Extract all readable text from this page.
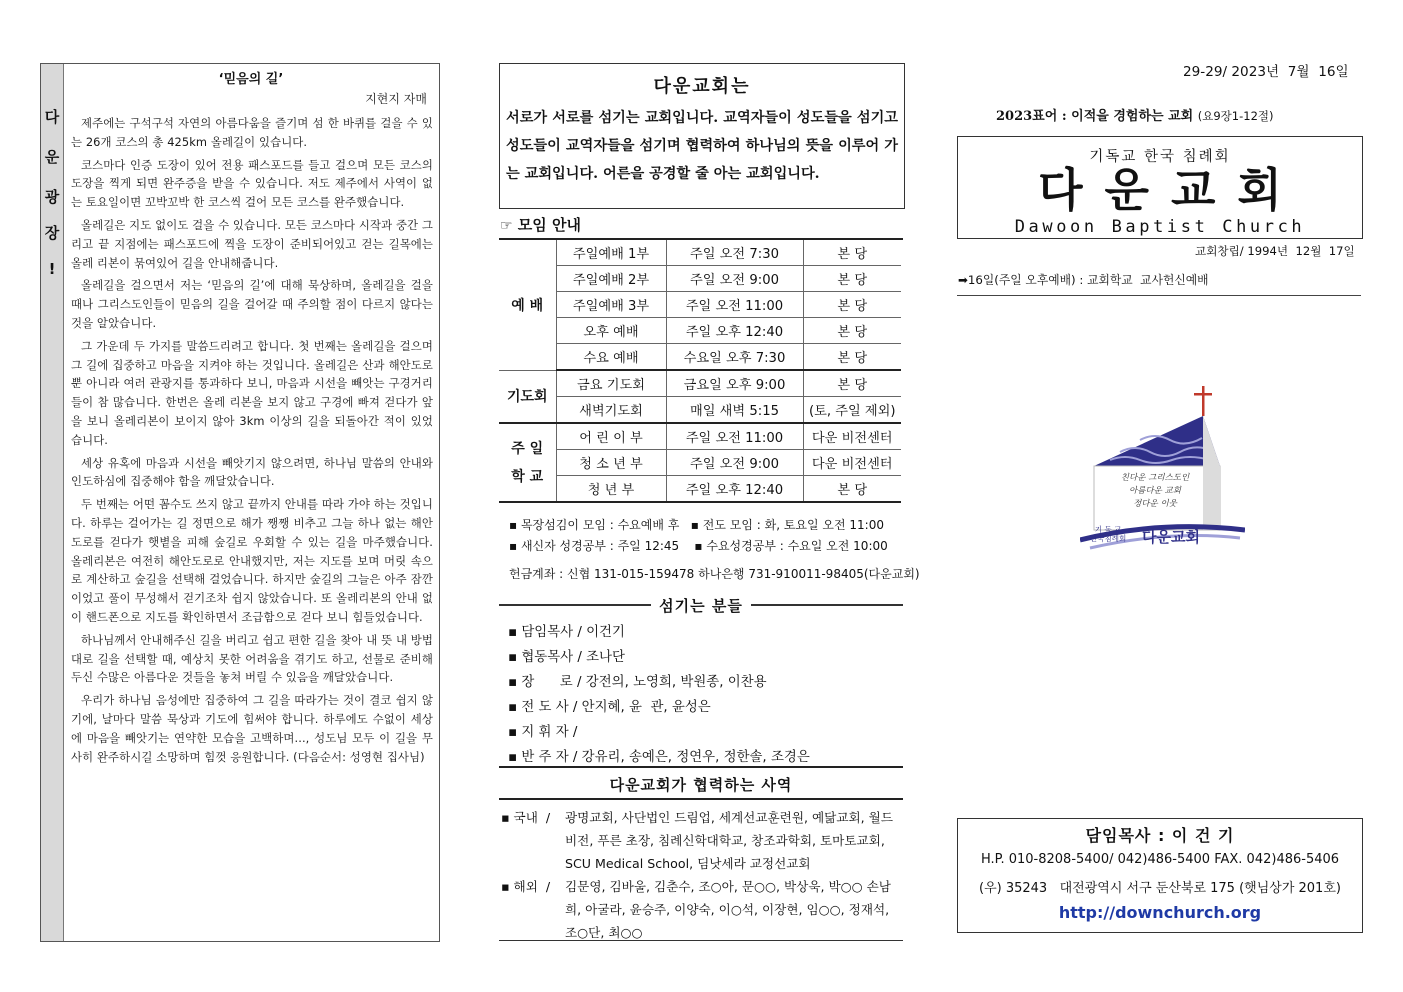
다
운
광
장
!
‘믿음의 길’
지현지 자매

제주에는 구석구석 자연의 아름다움을 즐기며 섬 한 바퀴를 걸을 수 있는 26개 코스의 총 425km 올레길이 있습니다.

코스마다 인증 도장이 있어 전용 패스포드를 들고 걸으며 모든 코스의 도장을 찍게 되면 완주증을 받을 수 있습니다. 저도 제주에서 사역이 없는 토요일이면 꼬박꼬박 한 코스씩 걸어 모든 코스를 완주했습니다.

올레길은 지도 없이도 걸을 수 있습니다. 모든 코스마다 시작과 중간 그리고 끝 지점에는 패스포드에 찍을 도장이 준비되어있고 걷는 길목에는 올레 리본이 묶여있어 길을 안내해줍니다.

올레길을 걸으면서 저는 ‘믿음의 길’에 대해 묵상하며, 올레길을 걸을 때나 그리스도인들이 믿음의 길을 걸어갈 때 주의할 점이 다르지 않다는 것을 알았습니다.

그 가운데 두 가지를 말씀드리려고 합니다. 첫 번째는 올레길을 걸으며 그 길에 집중하고 마음을 지켜야 하는 것입니다. 올레길은 산과 해안도로뿐 아니라 여러 관광지를 통과하다 보니, 마음과 시선을 빼앗는 구경거리들이 참 많습니다. 한번은 올레 리본을 보지 않고 구경에 빠져 걷다가 앞을 보니 올레리본이 보이지 않아 3km 이상의 길을 되돌아간 적이 있었습니다.

세상 유혹에 마음과 시선을 빼앗기지 않으려면, 하나님 말씀의 안내와 인도하심에 집중해야 함을 깨달았습니다.

두 번째는 어떤 꼼수도 쓰지 않고 끝까지 안내를 따라 가야 하는 것입니다. 하루는 걸어가는 길 정면으로 해가 쨍쨍 비추고 그늘 하나 없는 해안도로를 걷다가 햇볕을 피해 숲길로 우회할 수 있는 길을 마주했습니다. 올레리본은 여전히 해안도로로 안내했지만, 저는 지도를 보며 머릿 속으로 계산하고 숲길을 선택해 걸었습니다. 하지만 숲길의 그늘은 아주 잠깐이었고 풀이 무성해서 걷기조차 쉽지 않았습니다. 또 올레리본의 안내 없이 핸드폰으로 지도를 확인하면서 조급함으로 걷다 보니 힘들었습니다.

하나님께서 안내해주신 길을 버리고 쉽고 편한 길을 찾아 내 뜻 내 방법대로 길을 선택할 때, 예상치 못한 어려움을 겪기도 하고, 선물로 준비해두신 수많은 아름다운 것들을 놓쳐 버릴 수 있음을 깨달았습니다.

우리가 하나님 음성에만 집중하여 그 길을 따라가는 것이 결코 쉽지 않기에, 날마다 말씀 묵상과 기도에 힘써야 합니다. 하루에도 수없이 세상에 마음을 빼앗기는 연약한 모습을 고백하며..., 성도님 모두 이 길을 무사히 완주하시길 소망하며 힘껏 응원합니다. (다음순서: 성영현 집사님)

다운교회는
서로가 서로를 섬기는 교회입니다. 교역자들이 성도들을 섬기고 성도들이 교역자들을 섬기며 협력하여 하나님의 뜻을 이루어 가는 교회입니다. 어른을 공경할 줄 아는 교회입니다.
☞ 모임 안내
예 배	주일예배 1부	주일 오전 7:30	본 당
	주일예배 2부	주일 오전 9:00	본 당
	주일예배 3부	주일 오전 11:00	본 당
	오후 예배	주일 오후 12:40	본 당
	수요 예배	수요일 오후 7:30	본 당
기도회	금요 기도회	금요일 오후 9:00	본 당
	새벽기도회	매일 새벽 5:15	(토, 주일 제외)
주 일
학 교	어 린 이 부	주일 오전 11:00	다운 비전센터
	청 소 년 부	주일 오전 9:00	다운 비전센터
	청 년 부	주일 오후 12:40	본 당
▪ 목장섬김이 모임 : 수요예배 후   ▪ 전도 모임 : 화, 토요일 오전 11:00
▪ 새신자 성경공부 : 주일 12:45    ▪ 수요성경공부 : 수요일 오전 10:00
헌금계좌 : 신협 131-015-159478 하나은행 731-910011-98405(다운교회)
섬기는 분들
▪ 담임목사 / 이건기
▪ 협동목사 / 조나단
▪ 장      로 / 강전의, 노영희, 박원종, 이찬용
▪ 전 도 사 / 안지혜, 윤  관, 윤성은
▪ 지 휘 자 /
▪ 반 주 자 / 강유리, 송예은, 정연우, 정한솔, 조경은
다운교회가 협력하는 사역
▪ 국내  / 광명교회, 사단법인 드림업, 세계선교훈련원, 예닮교회, 월드비전, 푸른 초장, 침례신학대학교, 창조과학회, 토마토교회, SCU Medical School, 딤낫세라 교정선교회
▪ 해외  / 김문영, 김바울, 김춘수, 조○아, 문○○, 박상욱, 박○○ 손남희, 아굴라, 윤승주, 이양숙, 이○석, 이장현, 임○○, 정재석, 조○단, 최○○
29-29/ 2023년  7월  16일
2023표어 : 이적을 경험하는 교회 (요9장1-12절)
기독교 한국 침례회
다운교회
Dawoon Baptist Church
교회창립/ 1994년  12월  17일
➡16일(주일 오후예배) : 교회학교  교사헌신예배
친다운 그리스도인
아름다운 교회
정다운 이웃
기 독 교
한국침례회 다운교회
담임목사 : 이 건 기
H.P. 010-8208-5400/ 042)486-5400 FAX. 042)486-5406
(우) 35243   대전광역시 서구 둔산북로 175 (햇님상가 201호)
http://downchurch.org
